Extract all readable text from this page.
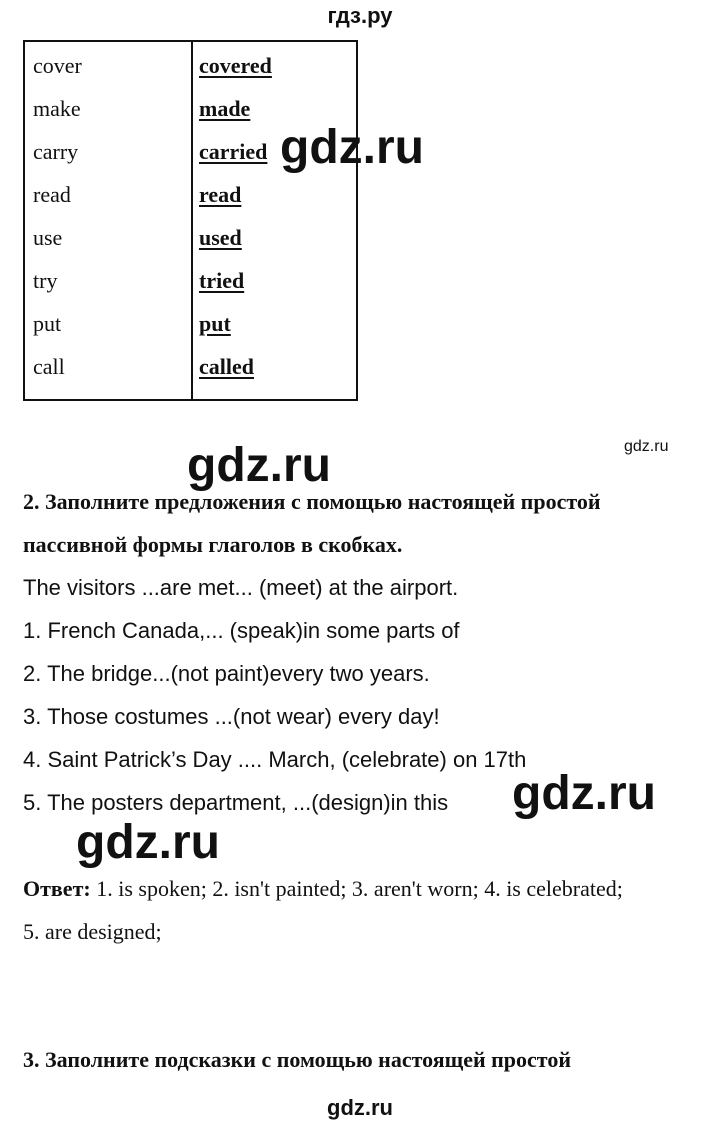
гдз.ру
cover	covered
make	made
carry	carried
read	read
use	used
try	tried
put	put
call	called
gdz.ru
gdz.ru	gdz.ru
gdz.ru
gdz.ru
2. Заполните предложения с помощью настоящей простой
пассивной формы глаголов в скобках.
The visitors ...are met... (meet) at the airport.
1. French Canada,... (speak)in some parts of
2. The bridge...(not paint)every two years.
3. Those costumes ...(not wear) every day!
4. Saint Patrick’s Day .... March, (celebrate) on 17th
5. The posters department, ...(design)in this
Ответ: 1. is spoken; 2. isn't painted; 3. aren't worn; 4. is celebrated;
5. are designed;
3. Заполните подсказки с помощью настоящей простой
gdz.ru
